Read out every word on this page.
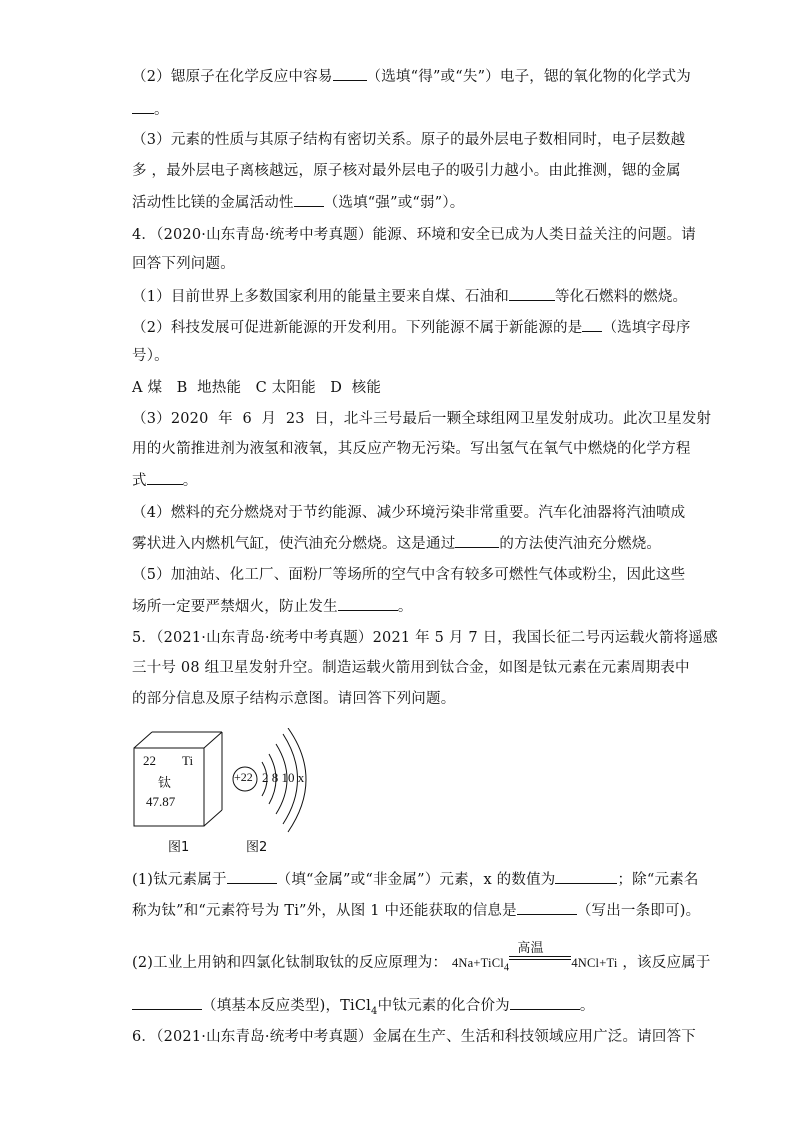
（2）锶原子在化学反应中容易 （选填“得”或“失”）电子，锶的氧化物的化学式为
。
（3）元素的性质与其原子结构有密切关系。原子的最外层电子数相同时，电子层数越
多 ，最外层电子离核越远，原子核对最外层电子的吸引力越小。由此推测，锶的金属
活动性比镁的金属活动性 （选填“强”或“弱”）。
4．（2020·山东青岛·统考中考真题）能源、环境和安全已成为人类日益关注的问题。请
回答下列问题。
（1）目前世界上多数国家利用的能量主要来自煤、石油和	等化石燃料的燃烧。
（2）科技发展可促进新能源的开发利用。下列能源不属于新能源的是 （选填字母序
号）。
A 煤   B  地热能   C 太阳能   D  核能
（3）2020  年  6  月  23  日，北斗三号最后一颗全球组网卫星发射成功。此次卫星发射
用的火箭推进剂为液氢和液氧，其反应产物无污染。写出氢气在氧气中燃烧的化学方程
式 。
（4）燃料的充分燃烧对于节约能源、减少环境污染非常重要。汽车化油器将汽油喷成
雾状进入内燃机气缸，使汽油充分燃烧。这是通过	的方法使汽油充分燃烧。
（5）加油站、化工厂、面粉厂等场所的空气中含有较多可燃性气体或粉尘，因此这些
场所一定要严禁烟火，防止发生	。
5．（2021·山东青岛·统考中考真题）2021 年 5 月 7 日，我国长征二号丙运载火箭将遥感
三十号 08 组卫星发射升空。制造运载火箭用到钛合金，如图是钛元素在元素周期表中
的部分信息及原子结构示意图。请回答下列问题。
22 Ti
钛
47.87
+22 2 8 10 x
图1	图2
(1)钛元素属于	（填“金属”或“非金属”）元素，x 的数值为	；除“元素名
称为钛”和“元素符号为 Ti”外，从图 1 中还能获取的信息是	（写出一条即可)。
(2)工业上用钠和四氯化钛制取钛的反应原理为： 4Na+TiCl$_4$
高温
4NCl+Ti ，该反应属于
（填基本反应类型)，TiCl$_4$中钛元素的化合价为	。
6．（2021·山东青岛·统考中考真题）金属在生产、生活和科技领域应用广泛。请回答下
